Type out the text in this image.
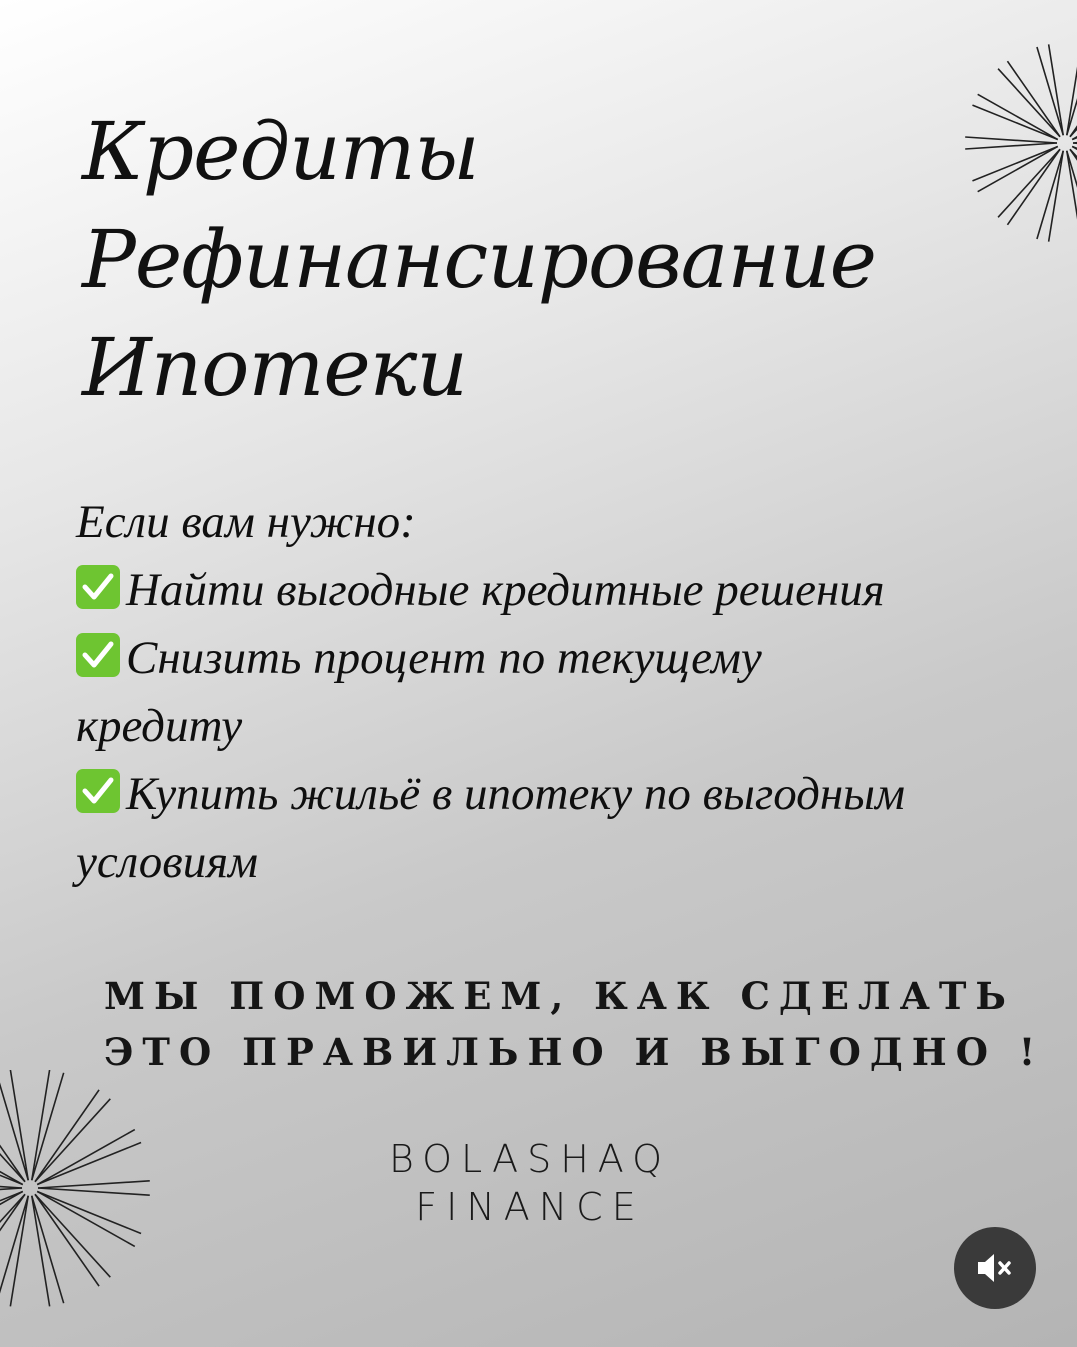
Кредиты
Рефинансирование
Ипотеки
Если вам нужно:
Найти выгодные кредитные решения
Снизить процент по текущему
кредиту
Купить жильё в ипотеку по выгодным
условиям
МЫ ПОМОЖЕМ, КАК СДЕЛАТЬ
ЭТО ПРАВИЛЬНО И ВЫГОДНО !
BOLASHAQ
FINANCE
